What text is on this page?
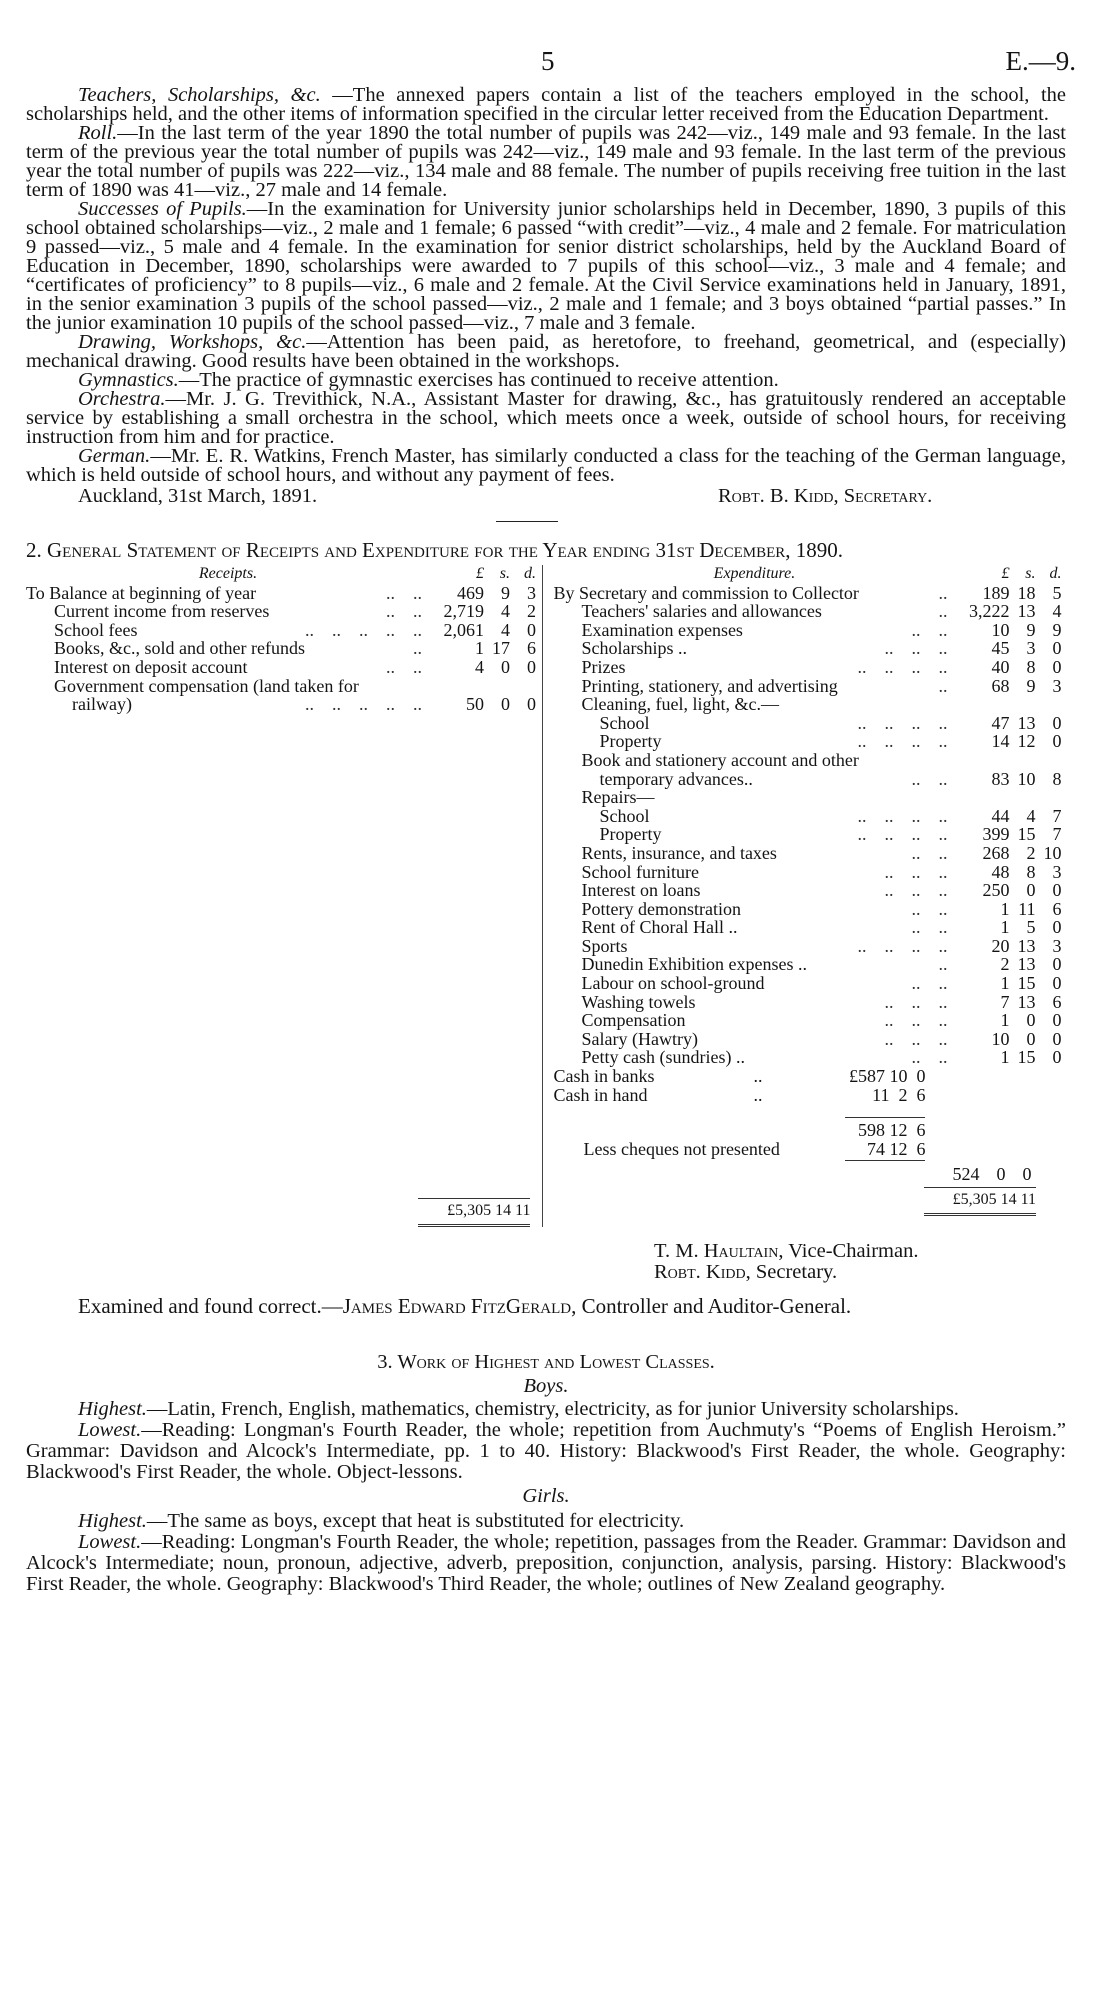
5	E.—9.

Teachers, Scholarships, &c. —The annexed papers contain a list of the teachers employed in the school, the scholarships held, and the other items of information specified in the circular letter received from the Education Department.

Roll.—In the last term of the year 1890 the total number of pupils was 242—viz., 149 male and 93 female. In the last term of the previous year the total number of pupils was 242—viz., 149 male and 93 female. In the last term of the previous year the total number of pupils was 222—viz., 134 male and 88 female. The number of pupils receiving free tuition in the last term of 1890 was 41—viz., 27 male and 14 female.

Successes of Pupils.—In the examination for University junior scholarships held in December, 1890, 3 pupils of this school obtained scholarships—viz., 2 male and 1 female; 6 passed “with credit”—viz., 4 male and 2 female. For matriculation 9 passed—viz., 5 male and 4 female. In the examination for senior district scholarships, held by the Auckland Board of Education in December, 1890, scholarships were awarded to 7 pupils of this school—viz., 3 male and 4 female; and “certificates of proficiency” to 8 pupils—viz., 6 male and 2 female. At the Civil Service examinations held in January, 1891, in the senior examination 3 pupils of the school passed—viz., 2 male and 1 female; and 3 boys obtained “partial passes.” In the junior examination 10 pupils of the school passed—viz., 7 male and 3 female.

Drawing, Workshops, &c.—Attention has been paid, as heretofore, to freehand, geometrical, and (especially) mechanical drawing. Good results have been obtained in the workshops.

Gymnastics.—The practice of gymnastic exercises has continued to receive attention.

Orchestra.—Mr. J. G. Trevithick, N.A., Assistant Master for drawing, &c., has gratuitously rendered an acceptable service by establishing a small orchestra in the school, which meets once a week, outside of school hours, for receiving instruction from him and for practice.

German.—Mr. E. R. Watkins, French Master, has similarly conducted a class for the teaching of the German language, which is held outside of school hours, and without any payment of fees.

Auckland, 31st March, 1891.	Robt. B. Kidd, Secretary.
2. General Statement of Receipts and Expenditure for the Year ending 31st December, 1890.
Receipts.	£	s.	d.
To Balance at beginning of year ..    ..	469	9	3
Current income from reserves ..    ..	2,719	4	2
School fees ..    ..    ..    ..    ..	2,061	4	0
Books, &c., sold and other refunds ..	1	17	6
Interest on deposit account ..    ..	4	0	0
Government compensation (land taken for			
railway) ..    ..    ..    ..    ..	50	0	0
£5,305 14 11
Expenditure.	£	s.	d.
By Secretary and commission to Collector ..	189	18	5
Teachers' salaries and allowances ..	3,222	13	4
Examination expenses ..    ..	10	9	9
Scholarships .. ..    ..    ..	45	3	0
Prizes ..    ..    ..    ..	40	8	0
Printing, stationery, and advertising ..	68	9	3
Cleaning, fuel, light, &c.—			
School ..    ..    ..    ..	47	13	0
Property ..    ..    ..    ..	14	12	0
Book and stationery account and other			
temporary advances.. ..    ..	83	10	8
Repairs—			
School ..    ..    ..    ..	44	4	7
Property ..    ..    ..    ..	399	15	7
Rents, insurance, and taxes ..    ..	268	2	10
School furniture ..    ..    ..	48	8	3
Interest on loans ..    ..    ..	250	0	0
Pottery demonstration ..    ..	1	11	6
Rent of Choral Hall .. ..    ..	1	5	0
Sports ..    ..    ..    ..	20	13	3
Dunedin Exhibition expenses .. ..	2	13	0
Labour on school-ground ..    ..	1	15	0
Washing towels ..    ..    ..	7	13	6
Compensation ..    ..    ..	1	0	0
Salary (Hawtry) ..    ..    ..	10	0	0
Petty cash (sundries) .. ..    ..	1	15	0
Cash in banks	..	£587 10  0
Cash in hand	..	11  2  6
598 12  6
Less cheques not presented	74 12  6
524 0 0
£5,305 14 11
T. M. Haultain, Vice-Chairman.
Robt. Kidd, Secretary.
Examined and found correct.—James Edward FitzGerald, Controller and Auditor-General.
3. Work of Highest and Lowest Classes.
Boys.

Highest.—Latin, French, English, mathematics, chemistry, electricity, as for junior University scholarships.

Lowest.—Reading: Longman's Fourth Reader, the whole; repetition from Auchmuty's “Poems of English Heroism.” Grammar: Davidson and Alcock's Intermediate, pp. 1 to 40. History: Blackwood's First Reader, the whole. Geography: Blackwood's First Reader, the whole. Object-lessons.

Girls.

Highest.—The same as boys, except that heat is substituted for electricity.

Lowest.—Reading: Longman's Fourth Reader, the whole; repetition, passages from the Reader. Grammar: Davidson and Alcock's Intermediate; noun, pronoun, adjective, adverb, preposition, conjunction, analysis, parsing. History: Blackwood's First Reader, the whole. Geography: Blackwood's Third Reader, the whole; outlines of New Zealand geography.
